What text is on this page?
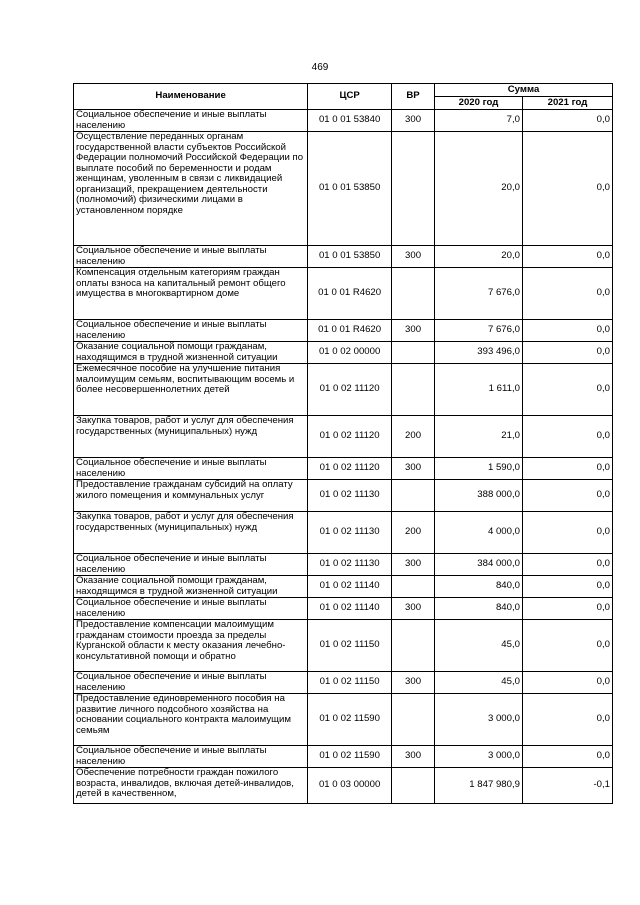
469
Наименование	ЦСР	ВР	Сумма	
			2020 год	2021 год
Социальное обеспечение и иные выплаты населению	01 0 01 53840	300	7,0	0,0
Осуществление переданных органам государственной власти субъектов Российской Федерации полномочий Российской Федерации по выплате пособий по беременности и родам женщинам, уволенным в связи с ликвидацией организаций, прекращением деятельности (полномочий) физическими лицами в установленном порядке	01 0 01 53850		20,0	0,0
Социальное обеспечение и иные выплаты населению	01 0 01 53850	300	20,0	0,0
Компенсация отдельным категориям граждан оплаты взноса на капитальный ремонт общего имущества в многоквартирном доме	01 0 01 R4620		7 676,0	0,0
Социальное обеспечение и иные выплаты населению	01 0 01 R4620	300	7 676,0	0,0
Оказание социальной помощи гражданам, находящимся в трудной жизненной ситуации	01 0 02 00000		393 496,0	0,0
Ежемесячное пособие на улучшение питания малоимущим семьям, воспитывающим восемь и более несовершеннолетних детей	01 0 02 11120		1 611,0	0,0
Закупка товаров, работ и услуг для обеспечения государственных (муниципальных) нужд	01 0 02 11120	200	21,0	0,0
Социальное обеспечение и иные выплаты населению	01 0 02 11120	300	1 590,0	0,0
Предоставление гражданам субсидий на оплату жилого помещения и коммунальных услуг	01 0 02 11130		388 000,0	0,0
Закупка товаров, работ и услуг для обеспечения государственных (муниципальных) нужд	01 0 02 11130	200	4 000,0	0,0
Социальное обеспечение и иные выплаты населению	01 0 02 11130	300	384 000,0	0,0
Оказание социальной помощи гражданам, находящимся в трудной жизненной ситуации	01 0 02 11140		840,0	0,0
Социальное обеспечение и иные выплаты населению	01 0 02 11140	300	840,0	0,0
Предоставление компенсации малоимущим гражданам стоимости проезда за пределы Курганской области к месту оказания лечебно-консультативной помощи и обратно	01 0 02 11150		45,0	0,0
Социальное обеспечение и иные выплаты населению	01 0 02 11150	300	45,0	0,0
Предоставление единовременного пособия на развитие личного подсобного хозяйства на основании социального контракта малоимущим семьям	01 0 02 11590		3 000,0	0,0
Социальное обеспечение и иные выплаты населению	01 0 02 11590	300	3 000,0	0,0
Обеспечение потребности граждан пожилого возраста, инвалидов, включая детей-инвалидов, детей в качественном,	01 0 03 00000		1 847 980,9	-0,1
